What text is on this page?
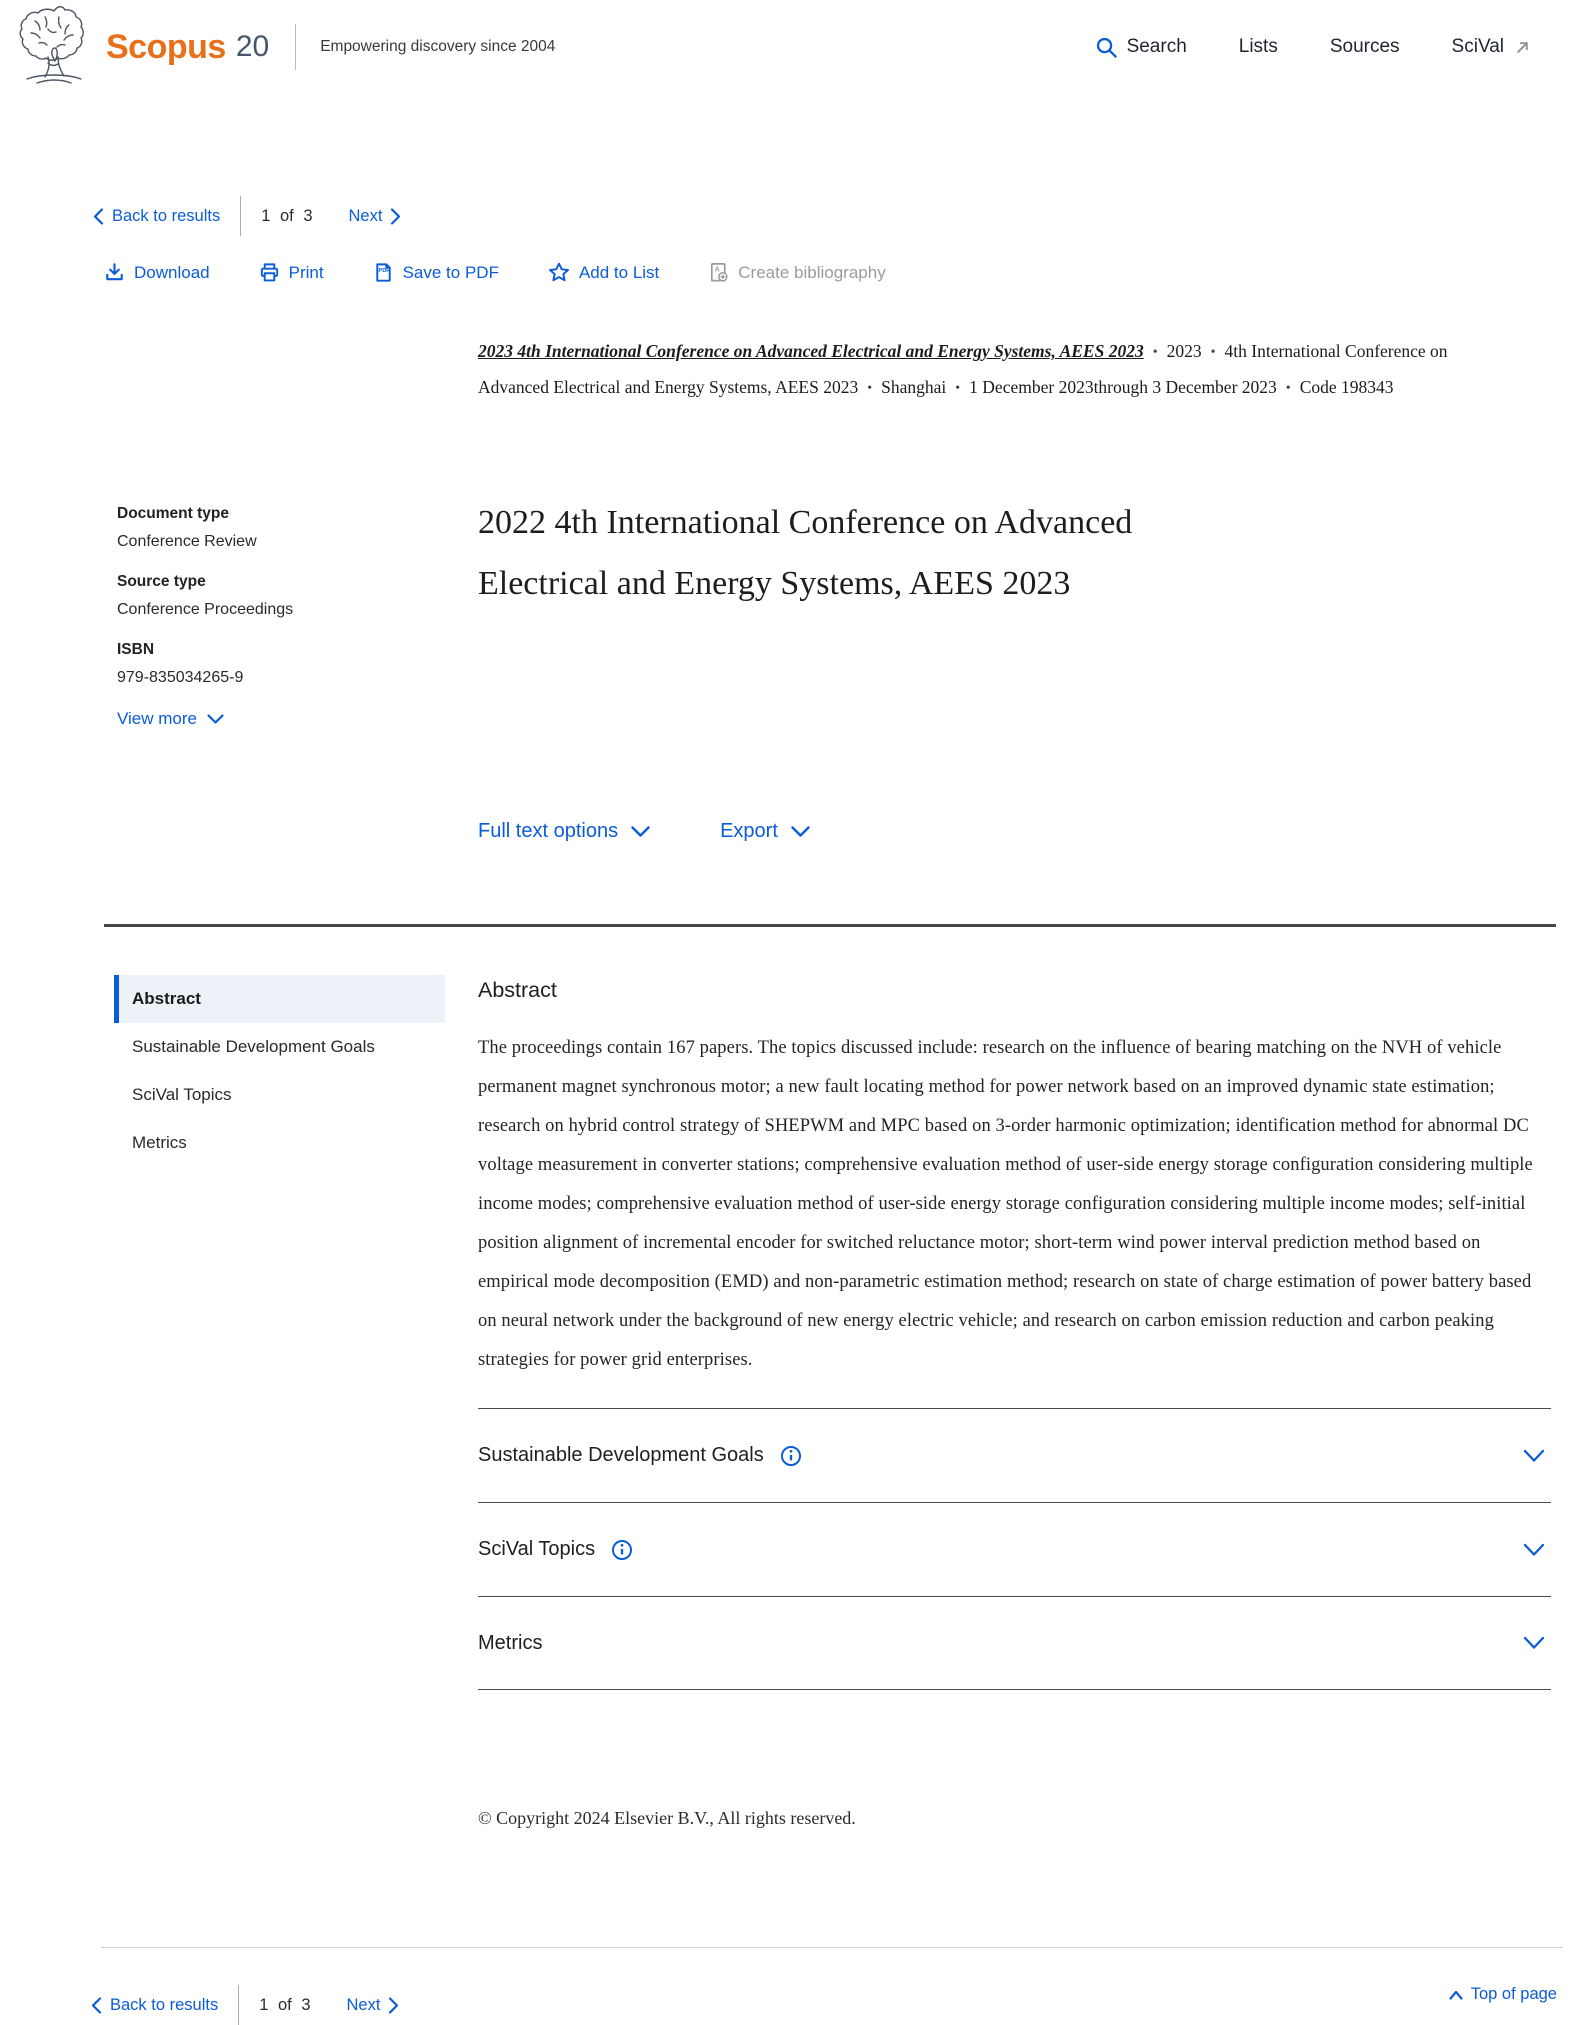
Scopus 20	Empowering discovery since 2004	Search	Lists	Sources	SciVal
Back to results 1 of 3 Next
Download	Print	PDF Save to PDF	Add to List	A Create bibliography

2023 4th International Conference on Advanced Electrical and Energy Systems, AEES 2023 • 2023 • 4th International Conference on Advanced Electrical and Energy Systems, AEES 2023 • Shanghai • 1 December 2023through 3 December 2023 • Code 198343

Document type
Conference Review
Source type
Conference Proceedings
ISBN
979-835034265-9
View more
2022 4th International Conference on Advanced Electrical and Energy Systems, AEES 2023
Full text options	Export
Abstract
Sustainable Development Goals
SciVal Topics
Metrics
Abstract

The proceedings contain 167 papers. The topics discussed include: research on the influence of bearing matching on the NVH of vehicle permanent magnet synchronous motor; a new fault locating method for power network based on an improved dynamic state estimation; research on hybrid control strategy of SHEPWM and MPC based on 3-order harmonic optimization; identification method for abnormal DC voltage measurement in converter stations; comprehensive evaluation method of user-side energy storage configuration considering multiple income modes; comprehensive evaluation method of user-side energy storage configuration considering multiple income modes; self-initial position alignment of incremental encoder for switched reluctance motor; short-term wind power interval prediction method based on empirical mode decomposition (EMD) and non-parametric estimation method; research on state of charge estimation of power battery based on neural network under the background of new energy electric vehicle; and research on carbon emission reduction and carbon peaking strategies for power grid enterprises.

Sustainable Development Goals
SciVal Topics
Metrics

© Copyright 2024 Elsevier B.V., All rights reserved.

Back to results 1 of 3 Next
Top of page
